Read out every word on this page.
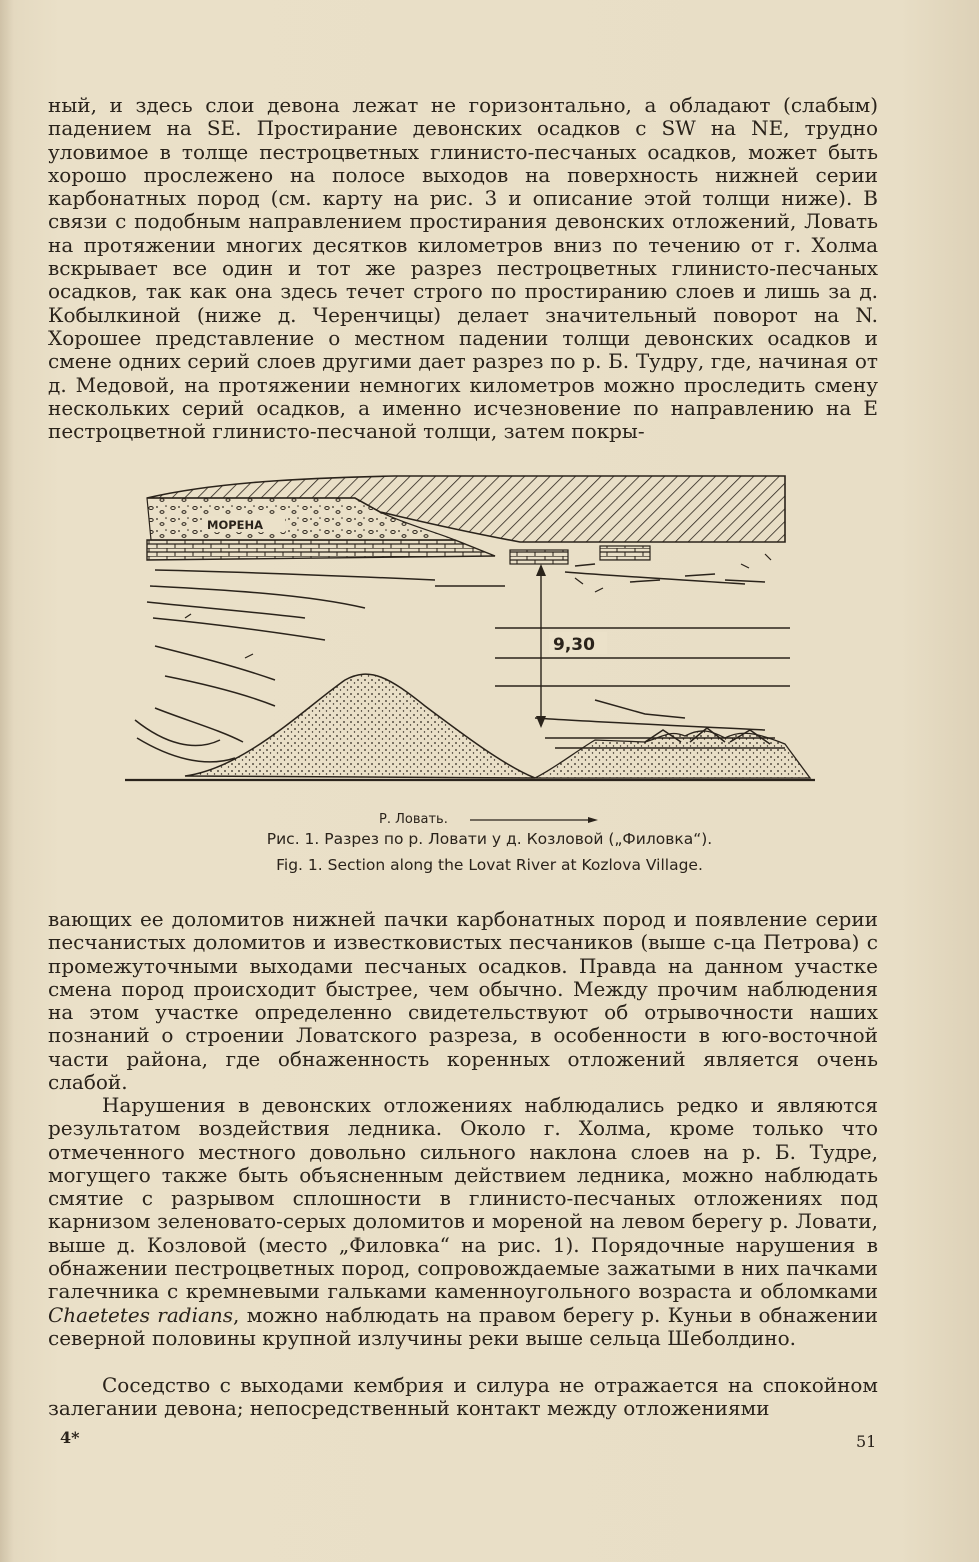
ный, и здесь слои девона лежат не горизонтально, а обладают (слабым) падением на SE. Простирание девонских осадков с SW на NE, трудно уловимое в толще пестроцветных глинисто-песчаных осадков, может быть хорошо прослежено на полосе выходов на поверхность нижней серии карбонатных пород (см. карту на рис. 3 и описание этой толщи ниже). В связи с подобным направлением простирания девонских отложений, Ловать на протяжении многих десятков километров вниз по течению от г. Холма вскрывает все один и тот же разрез пестроцветных глинисто-песчаных осадков, так как она здесь течет строго по простиранию слоев и лишь за д. Кобылкиной (ниже д. Черенчицы) делает значительный поворот на N. Хорошее представление о местном падении толщи девонских осадков и смене одних серий слоев другими дает разрез по р. Б. Тудру, где, начиная от д. Медовой, на протяжении немногих километров можно проследить смену нескольких серий осадков, а именно исчезновение по направлению на E пестроцветной глинисто-песчаной толщи, затем покры-

МОРЕНА
9,30
Р. Ловать.

Рис. 1. Разрез по р. Ловати у д. Козловой („Филовка“).

Fig. 1. Section along the Lovat River at Kozlova Village.

вающих ее доломитов нижней пачки карбонатных пород и появление серии песчанистых доломитов и известковистых песчаников (выше с-ца Петрова) с промежуточными выходами песчаных осадков. Правда на данном участке смена пород происходит быстрее, чем обычно. Между прочим наблюдения на этом участке определенно свидетельствуют об отрывочности наших познаний о строении Ловатского разреза, в особенности в юго-восточной части района, где обнаженность коренных отложений является очень слабой.

Нарушения в девонских отложениях наблюдались редко и являются результатом воздействия ледника. Около г. Холма, кроме только что отмеченного местного довольно сильного наклона слоев на р. Б. Тудре, могущего также быть объясненным действием ледника, можно наблюдать смятие с разрывом сплошности в глинисто-песчаных отложениях под карнизом зеленовато-серых доломитов и мореной на левом берегу р. Ловати, выше д. Козловой (место „Филовка“ на рис. 1). Порядочные нарушения в обнажении пестроцветных пород, сопровождаемые зажатыми в них пачками галечника с кремневыми гальками каменноугольного возраста и обломками Chaetetes radians, можно наблюдать на правом берегу р. Куньи в обнажении северной половины крупной излучины реки выше сельца Шеболдино.

Соседство с выходами кембрия и силура не отражается на спокойном залегании девона; непосредственный контакт между отложениями

4*	51
